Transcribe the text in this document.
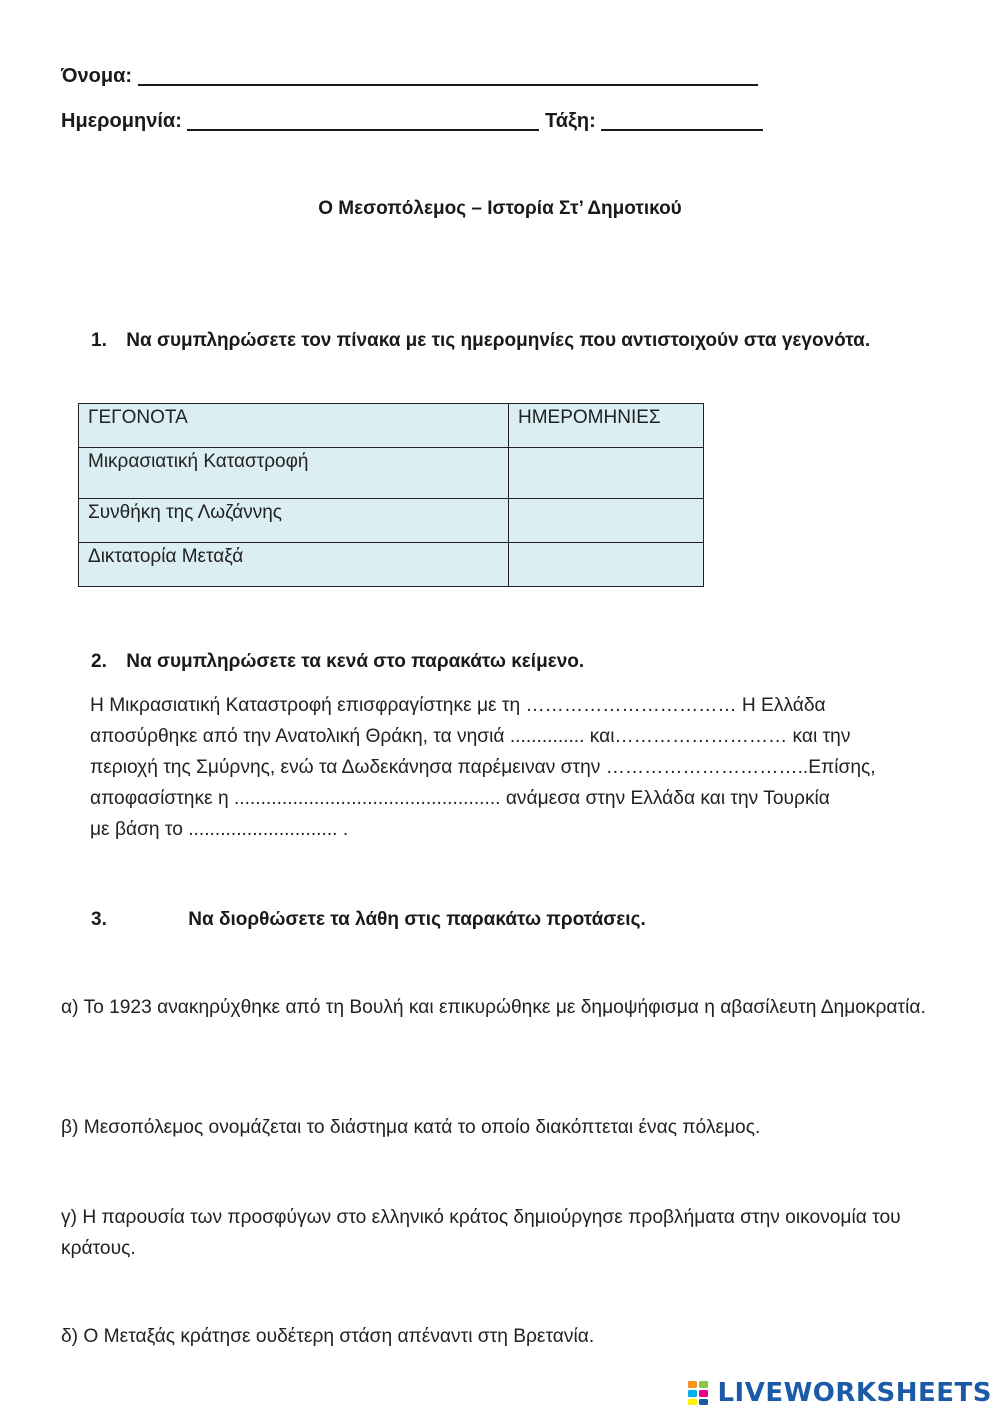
Όνομα:
Ημερομηνία:	Τάξη:
Ο Μεσοπόλεμος – Ιστορία Στ’ Δημοτικού
1. Να συμπληρώσετε τον πίνακα με τις ημερομηνίες που αντιστοιχούν στα γεγονότα.
ΓΕΓΟΝΟΤΑ	ΗΜΕΡΟΜΗΝΙΕΣ
Μικρασιατική Καταστροφή	
Συνθήκη της Λωζάννης	
Δικτατορία Μεταξά	
2. Να συμπληρώσετε τα κενά στο παρακάτω κείμενο.

Η Μικρασιατική Καταστροφή επισφραγίστηκε με τη …………………………… Η Ελλάδα

αποσύρθηκε από την Ανατολική Θράκη, τα νησιά .............. και……………………… και την

περιοχή της Σμύρνης, ενώ τα Δωδεκάνησα παρέμειναν στην …………………………..Επίσης,

αποφασίστηκε η .................................................. ανάμεσα στην Ελλάδα και την Τουρκία

με βάση το ............................ .

3.	Να διορθώσετε τα λάθη στις παρακάτω προτάσεις.
α) Το 1923 ανακηρύχθηκε από τη Βουλή και επικυρώθηκε με δημοψήφισμα η αβασίλευτη Δημοκρατία.
β) Μεσοπόλεμος ονομάζεται το διάστημα κατά το οποίο διακόπτεται ένας πόλεμος.
γ) Η παρουσία των προσφύγων στο ελληνικό κράτος δημιούργησε προβλήματα στην οικονομία του κράτους.
δ) Ο Μεταξάς κράτησε ουδέτερη στάση απέναντι στη Βρετανία.
LIVEWORKSHEETS
